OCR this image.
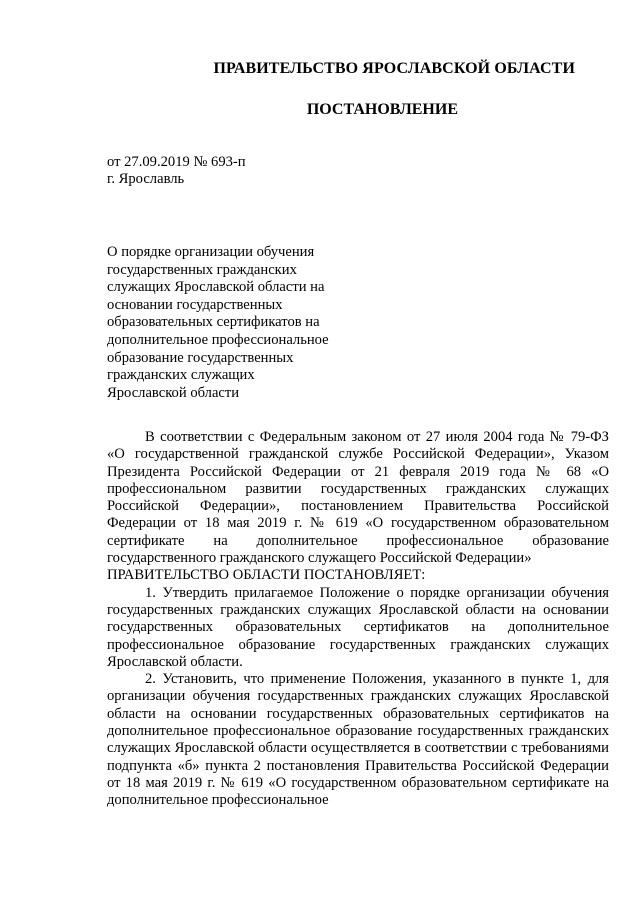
ПРАВИТЕЛЬСТВО ЯРОСЛАВСКОЙ ОБЛАСТИ
ПОСТАНОВЛЕНИЕ
от 27.09.2019 № 693-п
г. Ярославль
О порядке организации обучения
государственных гражданских
служащих Ярославской области на
основании государственных
образовательных сертификатов на
дополнительное профессиональное
образование государственных
гражданских служащих
Ярославской области

В соответствии с Федеральным законом от 27 июля 2004 года № 79-ФЗ «О государственной гражданской службе Российской Федерации», Указом Президента Российской Федерации от 21 февраля 2019 года № 68 «О профессиональном развитии государственных гражданских служащих Российской Федерации», постановлением Правительства Российской Федерации от 18 мая 2019 г. № 619 «О государственном образовательном сертификате на дополнительное профессиональное образование государственного гражданского служащего Российской Федерации»

ПРАВИТЕЛЬСТВО ОБЛАСТИ ПОСТАНОВЛЯЕТ:

1. Утвердить прилагаемое Положение о порядке организации обучения государственных гражданских служащих Ярославской области на основании государственных образовательных сертификатов на дополнительное профессиональное образование государственных гражданских служащих Ярославской области.

2. Установить, что применение Положения, указанного в пункте 1, для организации обучения государственных гражданских служащих Ярославской области на основании государственных образовательных сертификатов на дополнительное профессиональное образование государственных гражданских служащих Ярославской области осуществляется в соответствии с требованиями подпункта «б» пункта 2 постановления Правительства Российской Федерации от 18 мая 2019 г. № 619 «О государственном образовательном сертификате на дополнительное профессиональное
